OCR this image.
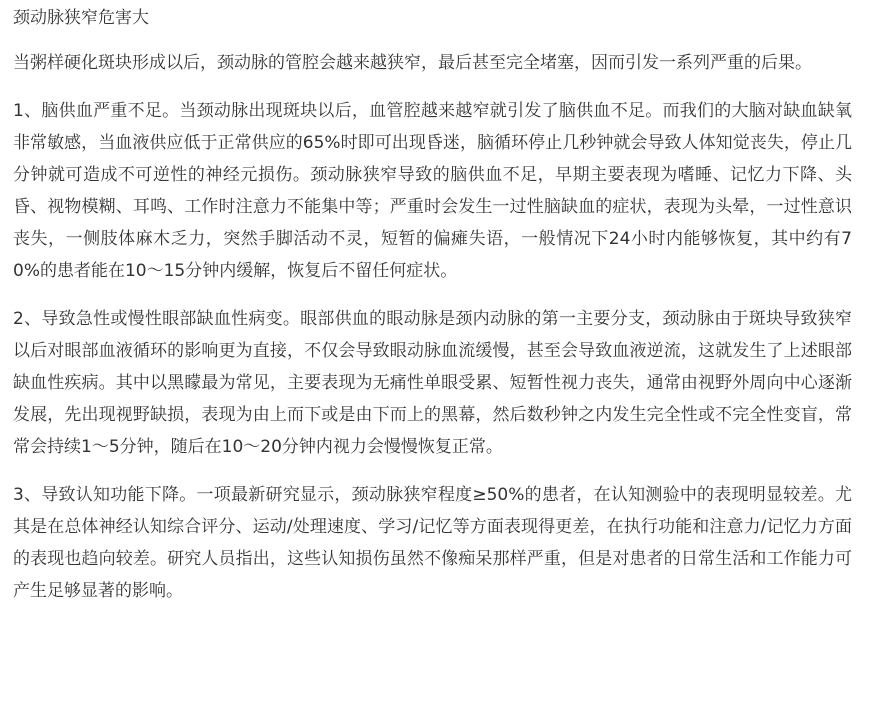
颈动脉狭窄危害大

当粥样硬化斑块形成以后，颈动脉的管腔会越来越狭窄，最后甚至完全堵塞，因而引发一系列严重的后果。

1、脑供血严重不足。当颈动脉出现斑块以后，血管腔越来越窄就引发了脑供血不足。而我们的大脑对缺血缺氧非常敏感，当血液供应低于正常供应的65%时即可出现昏迷，脑循环停止几秒钟就会导致人体知觉丧失，停止几分钟就可造成不可逆性的神经元损伤。颈动脉狭窄导致的脑供血不足，早期主要表现为嗜睡、记忆力下降、头昏、视物模糊、耳鸣、工作时注意力不能集中等；严重时会发生一过性脑缺血的症状，表现为头晕，一过性意识丧失，一侧肢体麻木乏力，突然手脚活动不灵，短暂的偏瘫失语，一般情况下24小时内能够恢复，其中约有70%的患者能在10～15分钟内缓解，恢复后不留任何症状。

2、导致急性或慢性眼部缺血性病变。眼部供血的眼动脉是颈内动脉的第一主要分支，颈动脉由于斑块导致狭窄以后对眼部血液循环的影响更为直接，不仅会导致眼动脉血流缓慢，甚至会导致血液逆流，这就发生了上述眼部缺血性疾病。其中以黑矇最为常见，主要表现为无痛性单眼受累、短暂性视力丧失，通常由视野外周向中心逐渐发展，先出现视野缺损，表现为由上而下或是由下而上的黑幕，然后数秒钟之内发生完全性或不完全性变盲，常常会持续1～5分钟，随后在10～20分钟内视力会慢慢恢复正常。

3、导致认知功能下降。一项最新研究显示，颈动脉狭窄程度≥50%的患者，在认知测验中的表现明显较差。尤其是在总体神经认知综合评分、运动/处理速度、学习/记忆等方面表现得更差，在执行功能和注意力/记忆力方面的表现也趋向较差。研究人员指出，这些认知损伤虽然不像痴呆那样严重，但是对患者的日常生活和工作能力可产生足够显著的影响。
